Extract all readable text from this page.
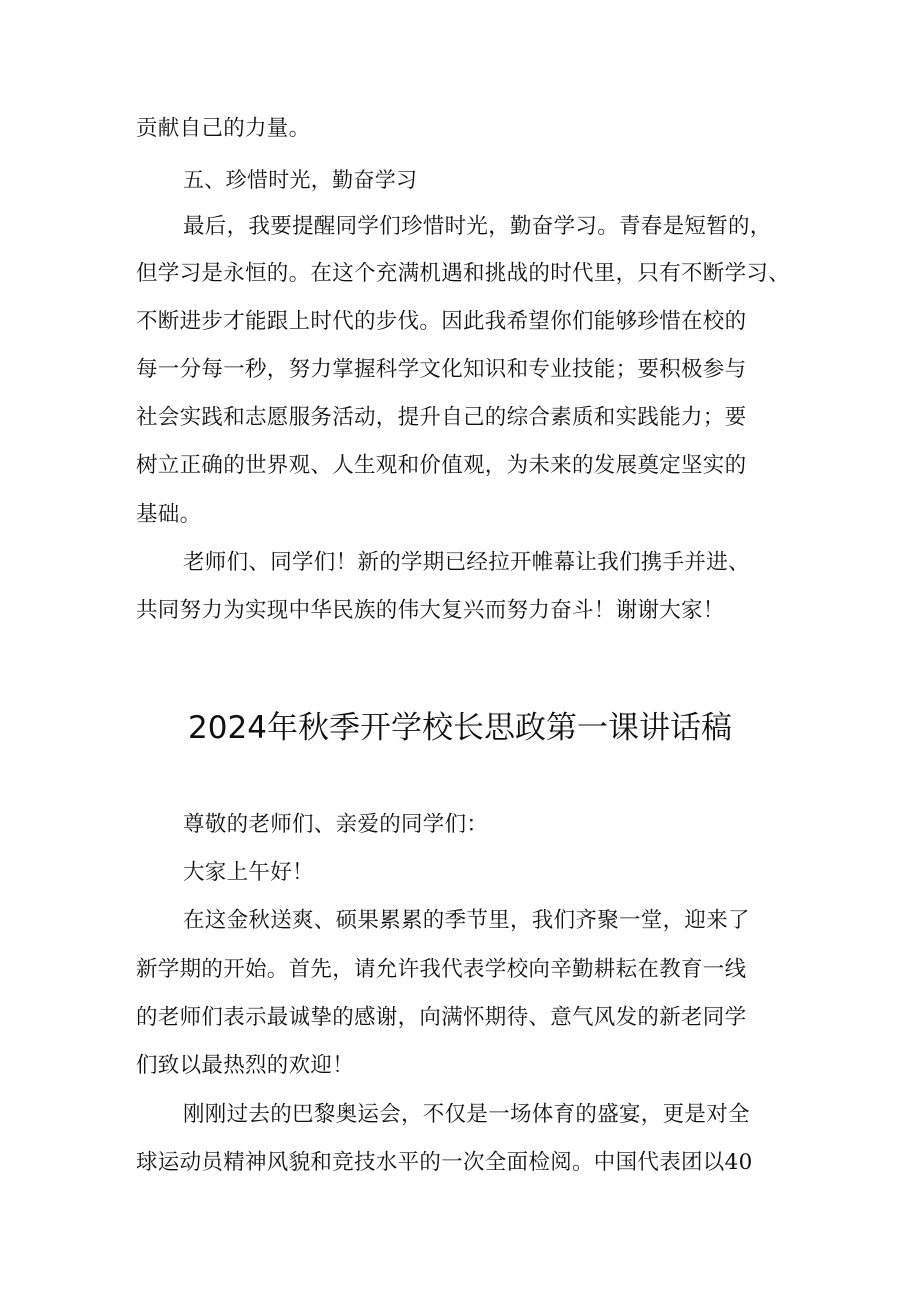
贡献自己的力量。
五、珍惜时光，勤奋学习
最后，我要提醒同学们珍惜时光，勤奋学习。青春是短暂的，
但学习是永恒的。在这个充满机遇和挑战的时代里，只有不断学习、
不断进步才能跟上时代的步伐。因此我希望你们能够珍惜在校的
每一分每一秒，努力掌握科学文化知识和专业技能；要积极参与
社会实践和志愿服务活动，提升自己的综合素质和实践能力；要
树立正确的世界观、人生观和价值观，为未来的发展奠定坚实的
基础。
老师们、同学们！新的学期已经拉开帷幕让我们携手并进、
共同努力为实现中华民族的伟大复兴而努力奋斗！谢谢大家！
2024年秋季开学校长思政第一课讲话稿
尊敬的老师们、亲爱的同学们：
大家上午好！
在这金秋送爽、硕果累累的季节里，我们齐聚一堂，迎来了
新学期的开始。首先，请允许我代表学校向辛勤耕耘在教育一线
的老师们表示最诚挚的感谢，向满怀期待、意气风发的新老同学
们致以最热烈的欢迎！
刚刚过去的巴黎奥运会，不仅是一场体育的盛宴，更是对全
球运动员精神风貌和竞技水平的一次全面检阅。中国代表团以40
